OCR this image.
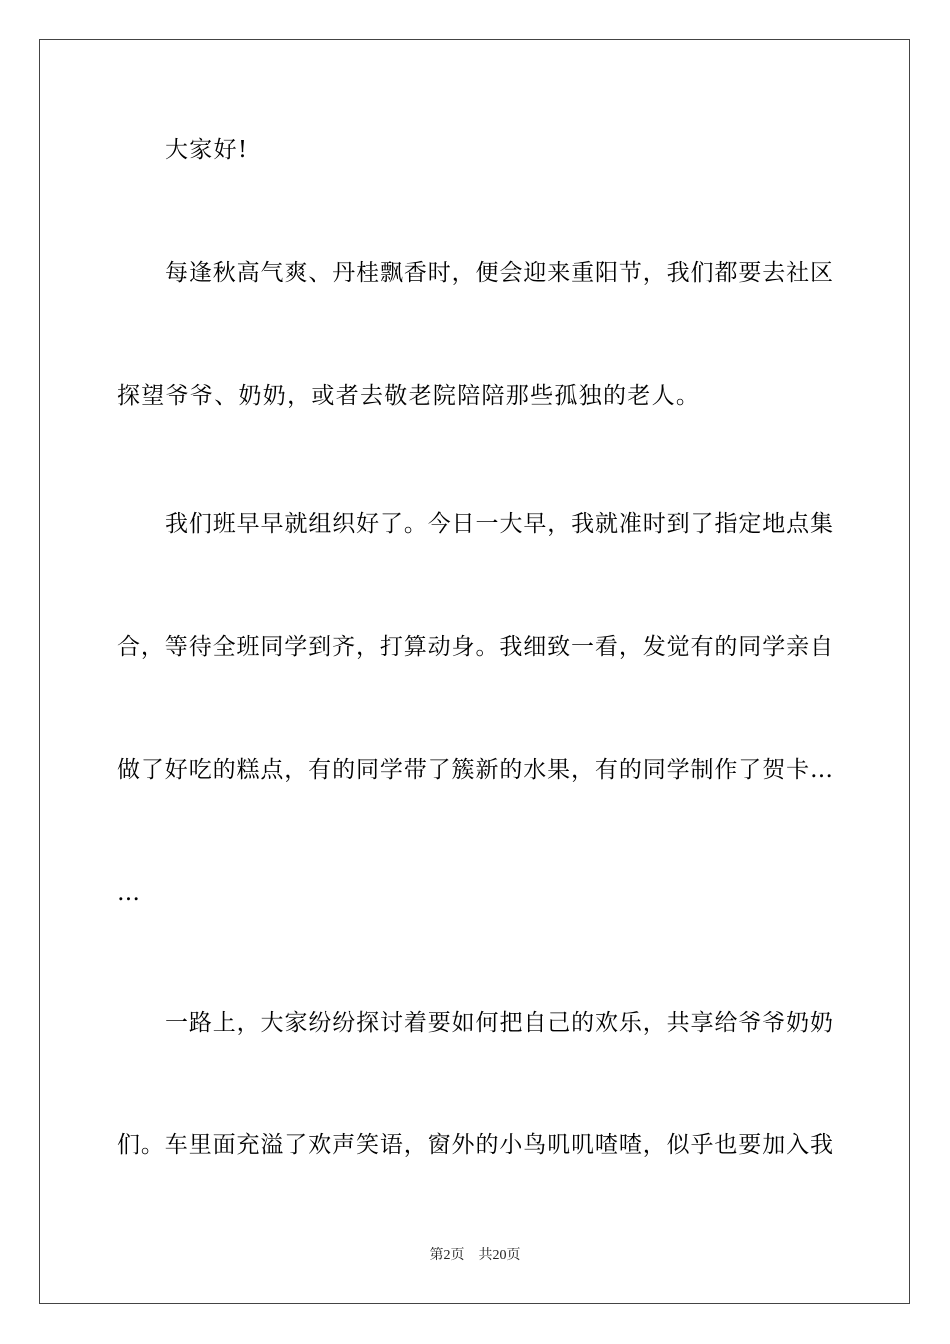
大家好!
每逢秋高气爽、丹桂飘香时，便会迎来重阳节，我们都要去社区
探望爷爷、奶奶，或者去敬老院陪陪那些孤独的老人。
我们班早早就组织好了。今日一大早，我就准时到了指定地点集
合，等待全班同学到齐，打算动身。我细致一看，发觉有的同学亲自
做了好吃的糕点，有的同学带了簇新的水果，有的同学制作了贺卡…
…
一路上，大家纷纷探讨着要如何把自己的欢乐，共享给爷爷奶奶
们。车里面充溢了欢声笑语，窗外的小鸟叽叽喳喳，似乎也要加入我
第2页 共20页
